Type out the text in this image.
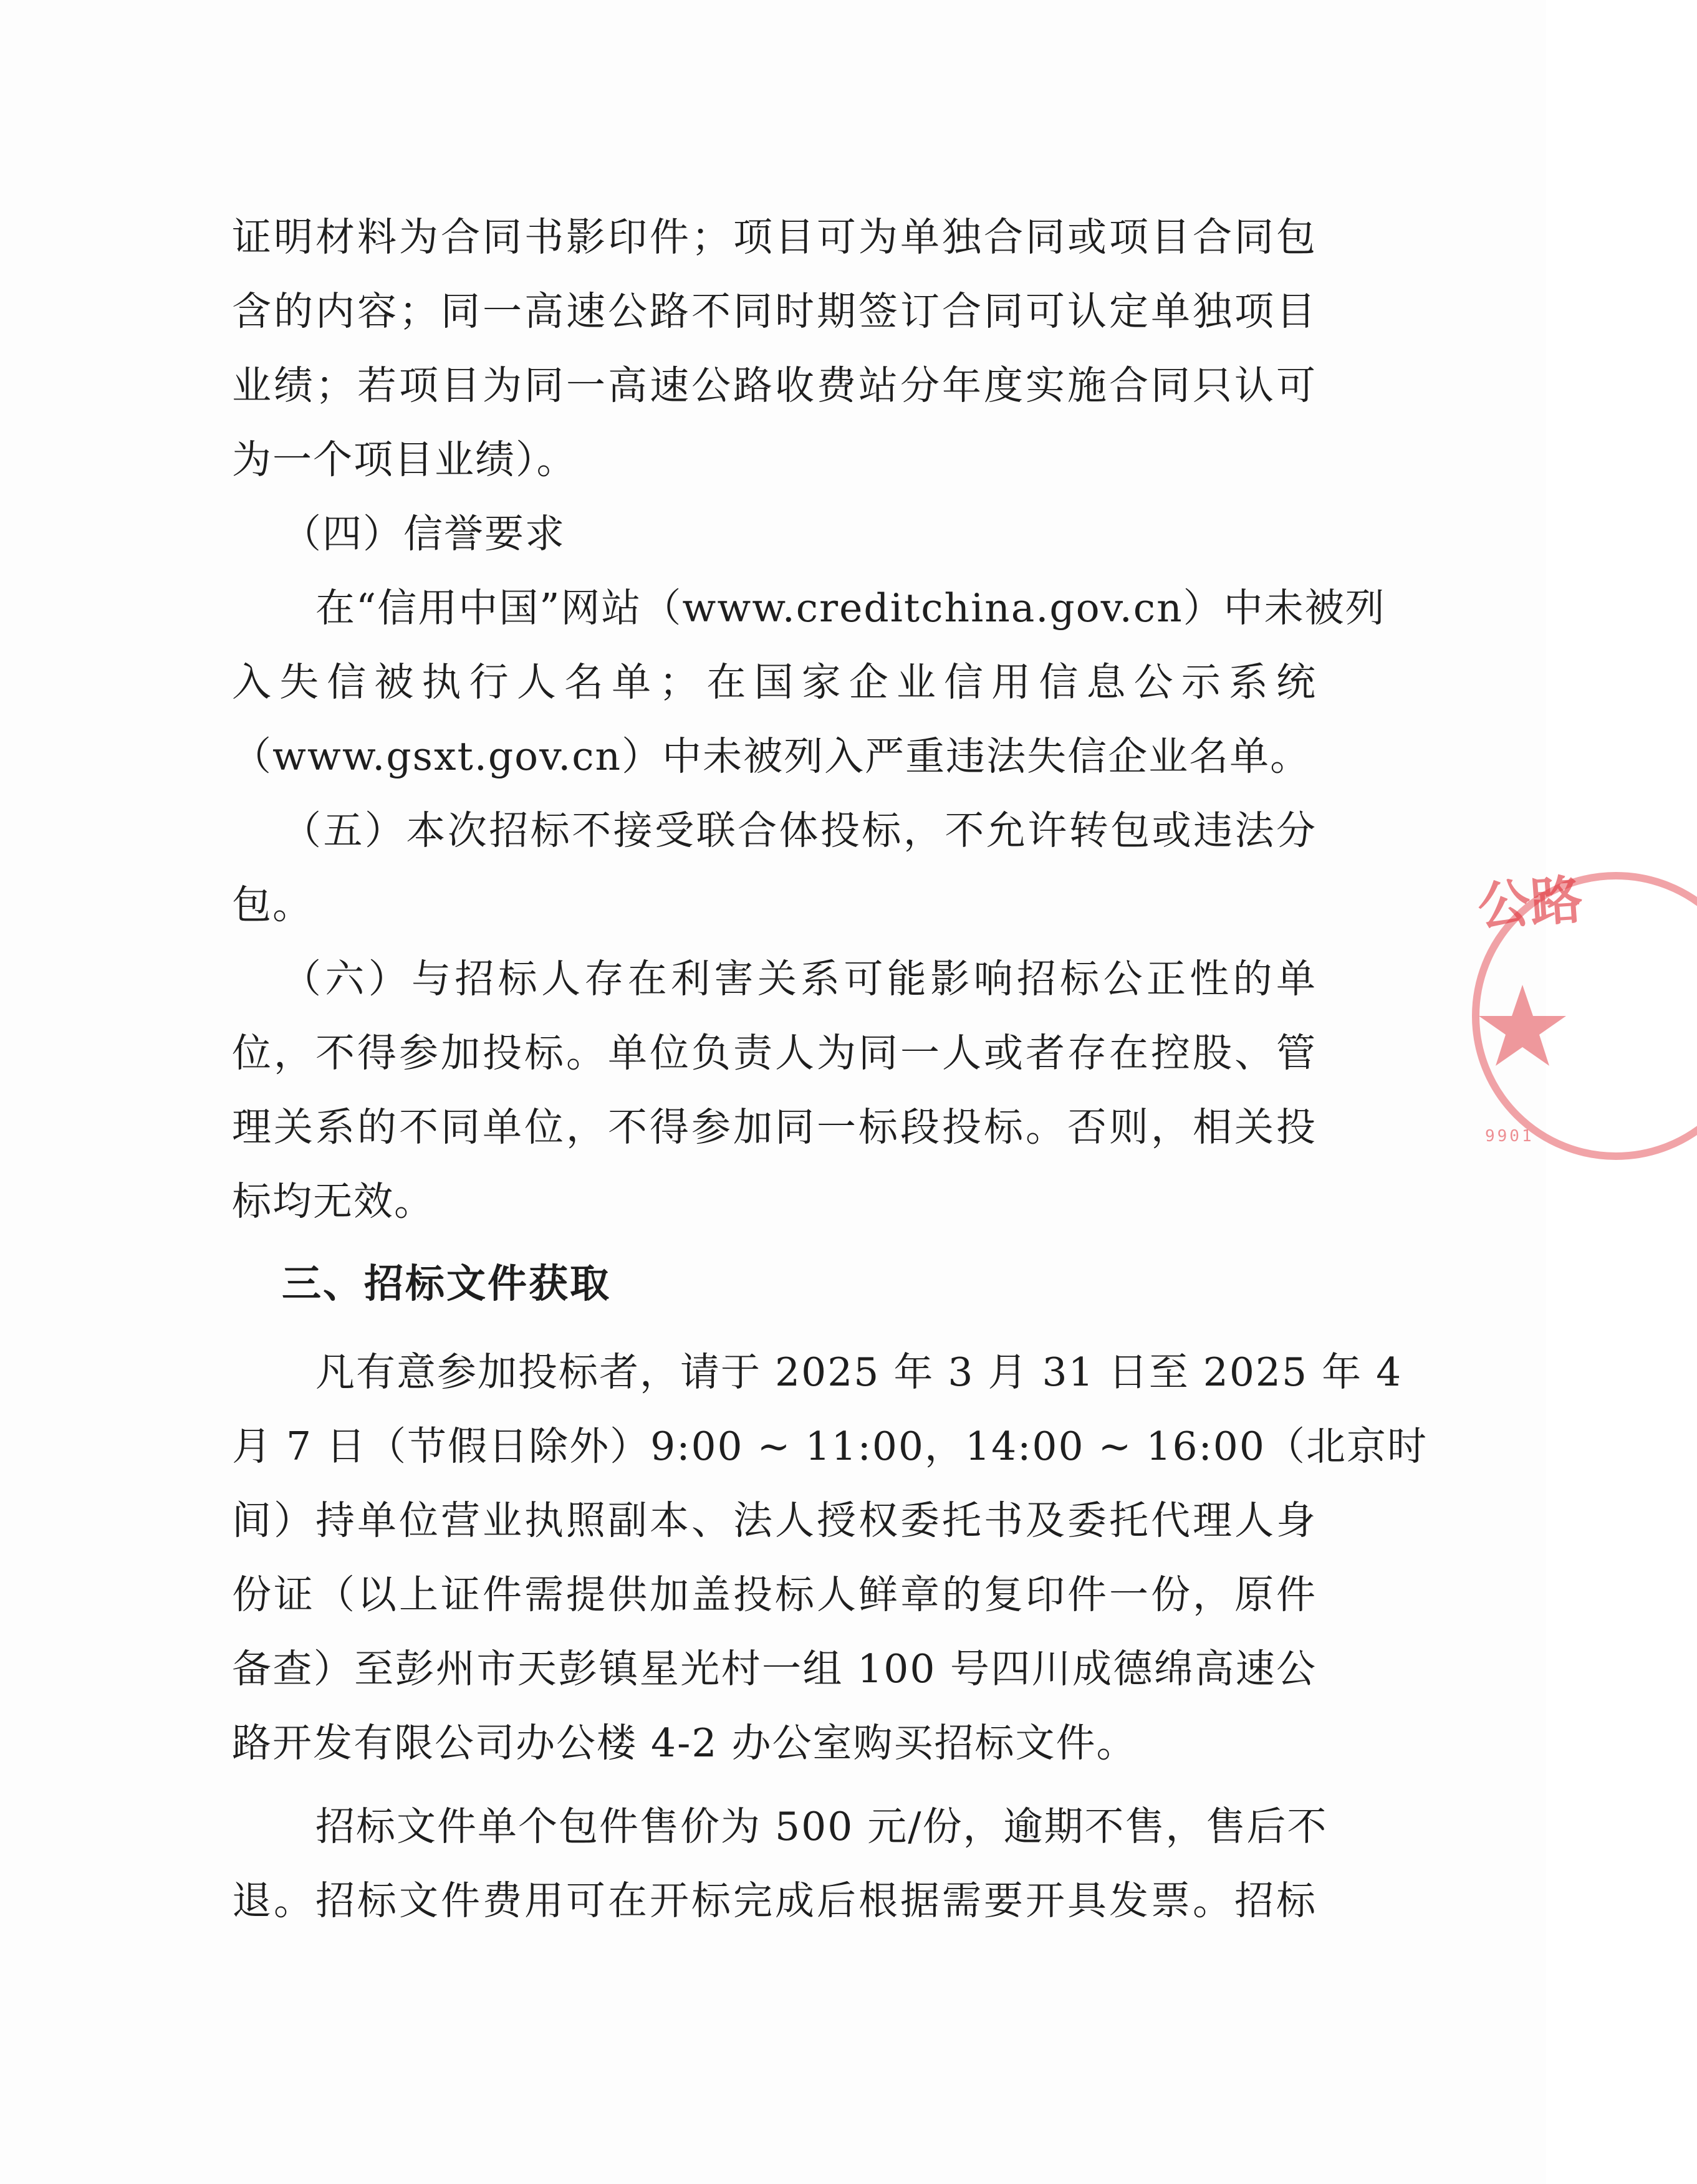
证明材料为合同书影印件；项目可为单独合同或项目合同包
含的内容；同一高速公路不同时期签订合同可认定单独项目
业绩；若项目为同一高速公路收费站分年度实施合同只认可
为一个项目业绩）。
（四）信誉要求
在“信用中国”网站（www.creditchina.gov.cn）中未被列
入失信被执行人名单；在国家企业信用信息公示系统
（www.gsxt.gov.cn）中未被列入严重违法失信企业名单。
（五）本次招标不接受联合体投标，不允许转包或违法分
包。
（六）与招标人存在利害关系可能影响招标公正性的单
位，不得参加投标。单位负责人为同一人或者存在控股、管
理关系的不同单位，不得参加同一标段投标。否则，相关投
标均无效。
三、招标文件获取
凡有意参加投标者，请于 2025 年 3 月 31 日至 2025 年 4
月 7 日（节假日除外）9:00 ~ 11:00，14:00 ~ 16:00（北京时
间）持单位营业执照副本、法人授权委托书及委托代理人身
份证（以上证件需提供加盖投标人鲜章的复印件一份，原件
备查）至彭州市天彭镇星光村一组 100 号四川成德绵高速公
路开发有限公司办公楼 4-2 办公室购买招标文件。
招标文件单个包件售价为 500 元/份，逾期不售，售后不
退。招标文件费用可在开标完成后根据需要开具发票。招标
公路
9901
